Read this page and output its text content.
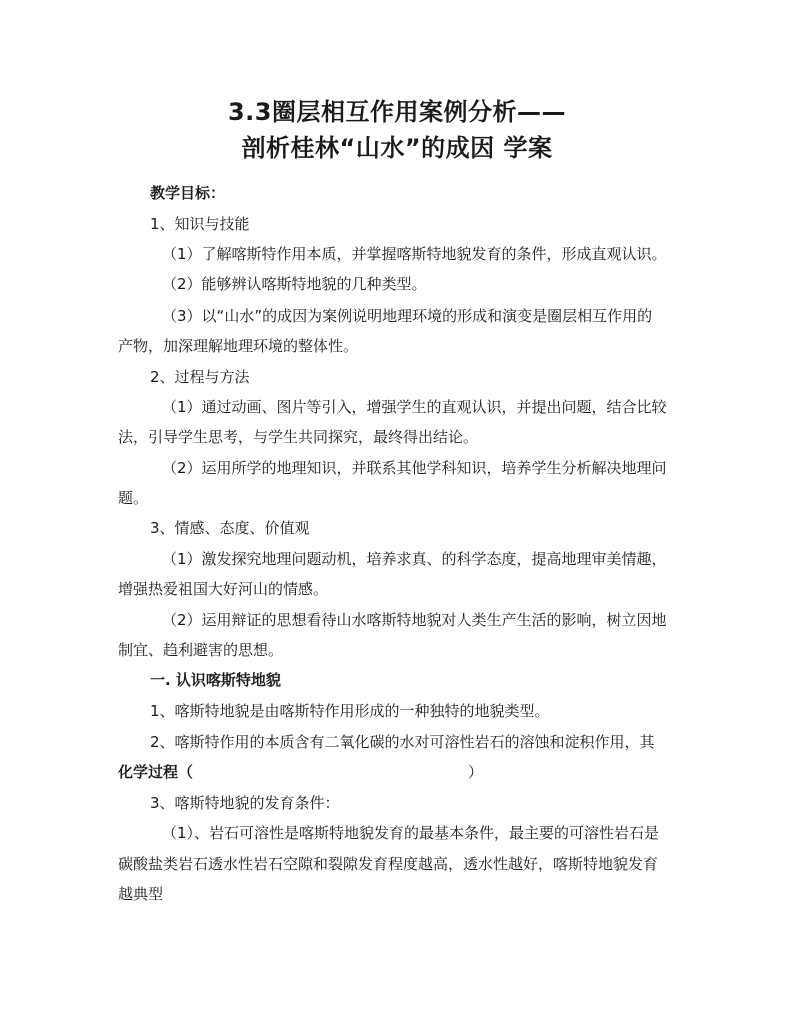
3.3圈层相互作用案例分析——
剖析桂林“山水”的成因 学案
教学目标：
1、知识与技能
（1）了解喀斯特作用本质，并掌握喀斯特地貌发育的条件，形成直观认识。
（2）能够辨认喀斯特地貌的几种类型。
（3）以“山水”的成因为案例说明地理环境的形成和演变是圈层相互作用的
产物，加深理解地理环境的整体性。
2、过程与方法
（1）通过动画、图片等引入，增强学生的直观认识，并提出问题，结合比较
法，引导学生思考，与学生共同探究，最终得出结论。
（2）运用所学的地理知识，并联系其他学科知识，培养学生分析解决地理问
题。
3、情感、态度、价值观
（1）激发探究地理问题动机，培养求真、的科学态度，提高地理审美情趣，
增强热爱祖国大好河山的情感。
（2）运用辩证的思想看待山水喀斯特地貌对人类生产生活的影响，树立因地
制宜、趋利避害的思想。
一. 认识喀斯特地貌
1、喀斯特地貌是由喀斯特作用形成的一种独特的地貌类型。
2、喀斯特作用的本质含有二氧化碳的水对可溶性岩石的溶蚀和淀积作用，其
化学过程（	）
3、喀斯特地貌的发育条件：
（1）、岩石可溶性是喀斯特地貌发育的最基本条件，最主要的可溶性岩石是
碳酸盐类岩石透水性岩石空隙和裂隙发育程度越高，透水性越好，喀斯特地貌发育
越典型
